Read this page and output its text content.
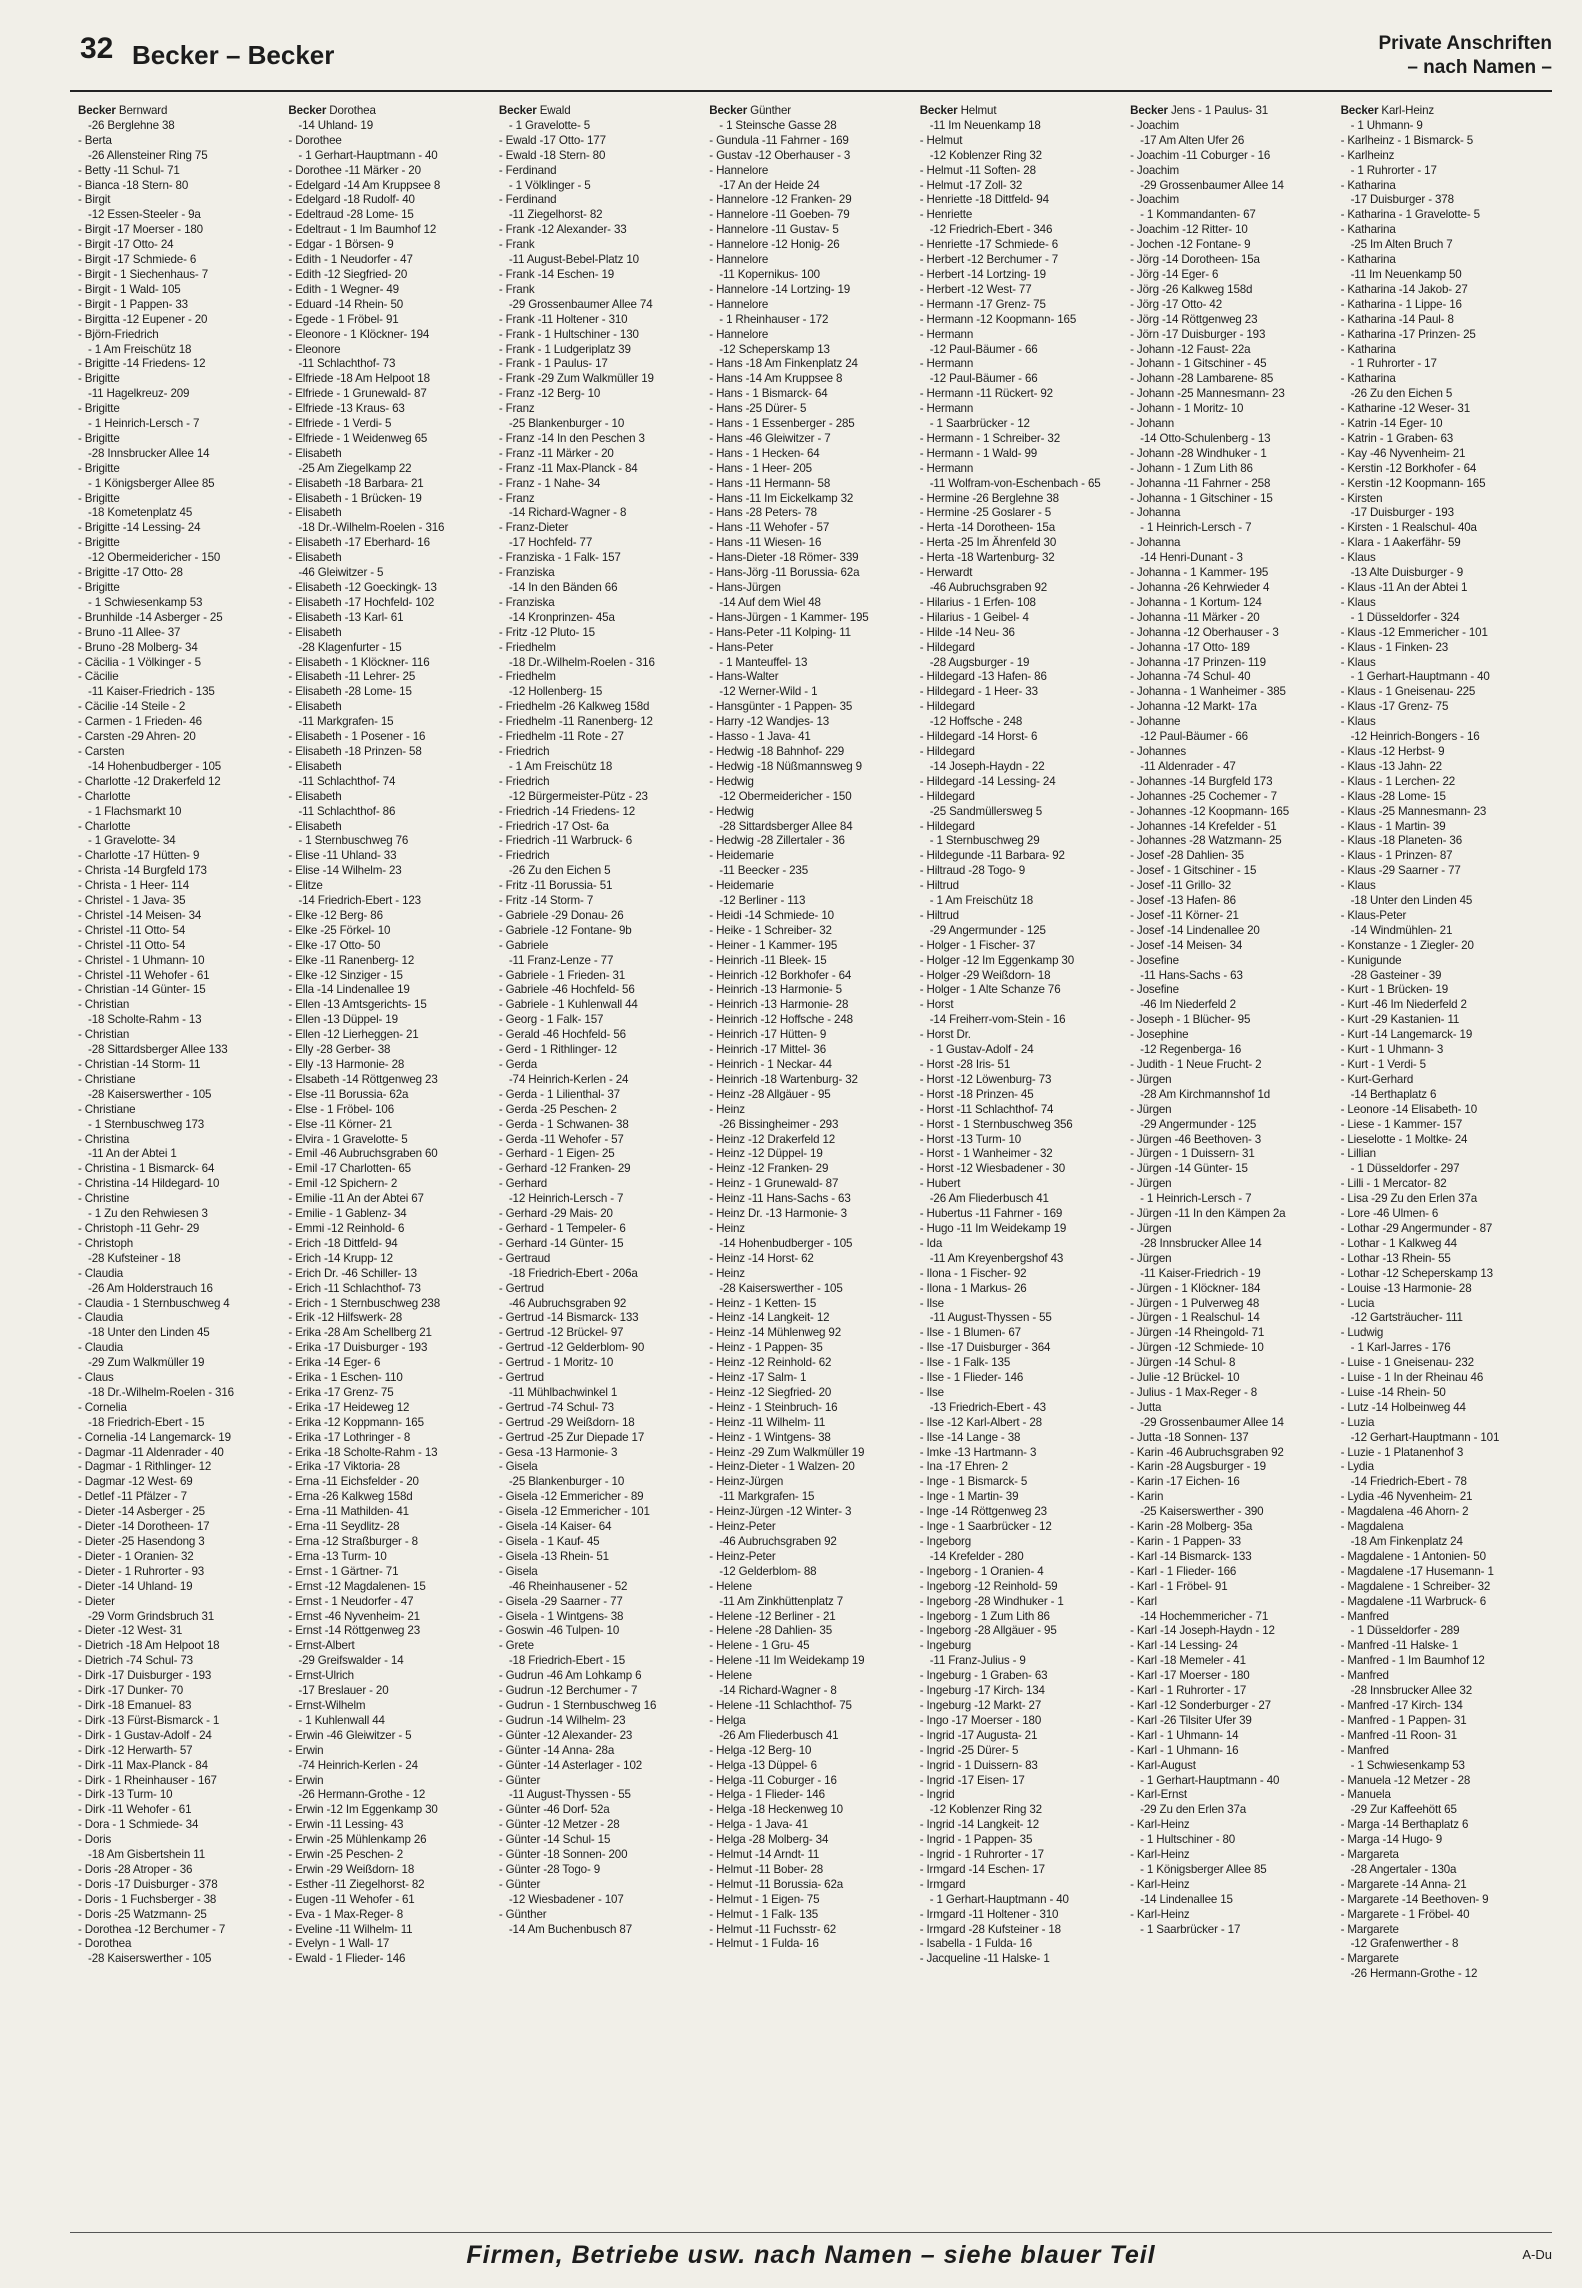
32 Becker – Becker	Private Anschriften
– nach Namen –
Becker Bernward
-26 Berglehne 38
- Berta
-26 Allensteiner Ring 75
- Betty -11 Schul- 71
- Bianca -18 Stern- 80
- Birgit
-12 Essen-Steeler - 9a
- Birgit -17 Moerser - 180
- Birgit -17 Otto- 24
- Birgit -17 Schmiede- 6
- Birgit - 1 Siechenhaus- 7
- Birgit - 1 Wald- 105
- Birgit - 1 Pappen- 33
- Birgitta -12 Eupener - 20
- Björn-Friedrich
- 1 Am Freischütz 18
- Brigitte -14 Friedens- 12
- Brigitte
-11 Hagelkreuz- 209
- Brigitte
- 1 Heinrich-Lersch - 7
- Brigitte
-28 Innsbrucker Allee 14
- Brigitte
- 1 Königsberger Allee 85
- Brigitte
-18 Kometenplatz 45
- Brigitte -14 Lessing- 24
- Brigitte
-12 Obermeidericher - 150
- Brigitte -17 Otto- 28
- Brigitte
- 1 Schwiesenkamp 53
- Brunhilde -14 Asberger - 25
- Bruno -11 Allee- 37
- Bruno -28 Molberg- 34
- Cäcilia - 1 Völkinger - 5
- Cäcilie
-11 Kaiser-Friedrich - 135
- Cäcilie -14 Steile - 2
- Carmen - 1 Frieden- 46
- Carsten -29 Ahren- 20
- Carsten
-14 Hohenbudberger - 105
- Charlotte -12 Drakerfeld 12
- Charlotte
- 1 Flachsmarkt 10
- Charlotte
- 1 Gravelotte- 34
- Charlotte -17 Hütten- 9
- Christa -14 Burgfeld 173
- Christa - 1 Heer- 114
- Christel - 1 Java- 35
- Christel -14 Meisen- 34
- Christel -11 Otto- 54
- Christel -11 Otto- 54
- Christel - 1 Uhmann- 10
- Christel -11 Wehofer - 61
- Christian -14 Günter- 15
- Christian
-18 Scholte-Rahm - 13
- Christian
-28 Sittardsberger Allee 133
- Christian -14 Storm- 11
- Christiane
-28 Kaiserswerther - 105
- Christiane
- 1 Sternbuschweg 173
- Christina
-11 An der Abtei 1
- Christina - 1 Bismarck- 64
- Christina -14 Hildegard- 10
- Christine
- 1 Zu den Rehwiesen 3
- Christoph -11 Gehr- 29
- Christoph
-28 Kufsteiner - 18
- Claudia
-26 Am Holderstrauch 16
- Claudia - 1 Sternbuschweg 4
- Claudia
-18 Unter den Linden 45
- Claudia
-29 Zum Walkmüller 19
- Claus
-18 Dr.-Wilhelm-Roelen - 316
- Cornelia
-18 Friedrich-Ebert - 15
- Cornelia -14 Langemarck- 19
- Dagmar -11 Aldenrader - 40
- Dagmar - 1 Rithlinger- 12
- Dagmar -12 West- 69
- Detlef -11 Pfälzer - 7
- Dieter -14 Asberger - 25
- Dieter -14 Dorotheen- 17
- Dieter -25 Hasendong 3
- Dieter - 1 Oranien- 32
- Dieter - 1 Ruhrorter - 93
- Dieter -14 Uhland- 19
- Dieter
-29 Vorm Grindsbruch 31
- Dieter -12 West- 31
- Dietrich -18 Am Helpoot 18
- Dietrich -74 Schul- 73
- Dirk -17 Duisburger - 193
- Dirk -17 Dunker- 70
- Dirk -18 Emanuel- 83
- Dirk -13 Fürst-Bismarck - 1
- Dirk - 1 Gustav-Adolf - 24
- Dirk -12 Herwarth- 57
- Dirk -11 Max-Planck - 84
- Dirk - 1 Rheinhauser - 167
- Dirk -13 Turm- 10
- Dirk -11 Wehofer - 61
- Dora - 1 Schmiede- 34
- Doris
-18 Am Gisbertshein 11
- Doris -28 Atroper - 36
- Doris -17 Duisburger - 378
- Doris - 1 Fuchsberger - 38
- Doris -25 Watzmann- 25
- Dorothea -12 Berchumer - 7
- Dorothea
-28 Kaiserswerther - 105
Becker Dorothea
-14 Uhland- 19
- Dorothee
- 1 Gerhart-Hauptmann - 40
- Dorothee -11 Märker - 20
- Edelgard -14 Am Kruppsee 8
- Edelgard -18 Rudolf- 40
- Edeltraud -28 Lome- 15
- Edeltraut - 1 Im Baumhof 12
- Edgar - 1 Börsen- 9
- Edith - 1 Neudorfer - 47
- Edith -12 Siegfried- 20
- Edith - 1 Wegner- 49
- Eduard -14 Rhein- 50
- Egede - 1 Fröbel- 91
- Eleonore - 1 Klöckner- 194
- Eleonore
-11 Schlachthof- 73
- Elfriede -18 Am Helpoot 18
- Elfriede - 1 Grunewald- 87
- Elfriede -13 Kraus- 63
- Elfriede - 1 Verdi- 5
- Elfriede - 1 Weidenweg 65
- Elisabeth
-25 Am Ziegelkamp 22
- Elisabeth -18 Barbara- 21
- Elisabeth - 1 Brücken- 19
- Elisabeth
-18 Dr.-Wilhelm-Roelen - 316
- Elisabeth -17 Eberhard- 16
- Elisabeth
-46 Gleiwitzer - 5
- Elisabeth -12 Goeckingk- 13
- Elisabeth -17 Hochfeld- 102
- Elisabeth -13 Karl- 61
- Elisabeth
-28 Klagenfurter - 15
- Elisabeth - 1 Klöckner- 116
- Elisabeth -11 Lehrer- 25
- Elisabeth -28 Lome- 15
- Elisabeth
-11 Markgrafen- 15
- Elisabeth - 1 Posener - 16
- Elisabeth -18 Prinzen- 58
- Elisabeth
-11 Schlachthof- 74
- Elisabeth
-11 Schlachthof- 86
- Elisabeth
- 1 Sternbuschweg 76
- Elise -11 Uhland- 33
- Elise -14 Wilhelm- 23
- Elitze
-14 Friedrich-Ebert - 123
- Elke -12 Berg- 86
- Elke -25 Förkel- 10
- Elke -17 Otto- 50
- Elke -11 Ranenberg- 12
- Elke -12 Sinziger - 15
- Ella -14 Lindenallee 19
- Ellen -13 Amtsgerichts- 15
- Ellen -13 Düppel- 19
- Ellen -12 Lierheggen- 21
- Elly -28 Gerber- 38
- Elly -13 Harmonie- 28
- Elsabeth -14 Röttgenweg 23
- Else -11 Borussia- 62a
- Else - 1 Fröbel- 106
- Else -11 Körner- 21
- Elvira - 1 Gravelotte- 5
- Emil -46 Aubruchsgraben 60
- Emil -17 Charlotten- 65
- Emil -12 Spichern- 2
- Emilie -11 An der Abtei 67
- Emilie - 1 Gablenz- 34
- Emmi -12 Reinhold- 6
- Erich -18 Dittfeld- 94
- Erich -14 Krupp- 12
- Erich Dr. -46 Schiller- 13
- Erich -11 Schlachthof- 73
- Erich - 1 Sternbuschweg 238
- Erik -12 Hilfswerk- 28
- Erika -28 Am Schellberg 21
- Erika -17 Duisburger - 193
- Erika -14 Eger- 6
- Erika - 1 Eschen- 110
- Erika -17 Grenz- 75
- Erika -17 Heideweg 12
- Erika -12 Koppmann- 165
- Erika -17 Lothringer - 8
- Erika -18 Scholte-Rahm - 13
- Erika -17 Viktoria- 28
- Erna -11 Eichsfelder - 20
- Erna -26 Kalkweg 158d
- Erna -11 Mathilden- 41
- Erna -11 Seydlitz- 28
- Erna -12 Straßburger - 8
- Erna -13 Turm- 10
- Ernst - 1 Gärtner- 71
- Ernst -12 Magdalenen- 15
- Ernst - 1 Neudorfer - 47
- Ernst -46 Nyvenheim- 21
- Ernst -14 Röttgenweg 23
- Ernst-Albert
-29 Greifswalder - 14
- Ernst-Ulrich
-17 Breslauer - 20
- Ernst-Wilhelm
- 1 Kuhlenwall 44
- Erwin -46 Gleiwitzer - 5
- Erwin
-74 Heinrich-Kerlen - 24
- Erwin
-26 Hermann-Grothe - 12
- Erwin -12 Im Eggenkamp 30
- Erwin -11 Lessing- 43
- Erwin -25 Mühlenkamp 26
- Erwin -25 Peschen- 2
- Erwin -29 Weißdorn- 18
- Esther -11 Ziegelhorst- 82
- Eugen -11 Wehofer - 61
- Eva - 1 Max-Reger- 8
- Eveline -11 Wilhelm- 11
- Evelyn - 1 Wall- 17
- Ewald - 1 Flieder- 146
Becker Ewald
- 1 Gravelotte- 5
- Ewald -17 Otto- 177
- Ewald -18 Stern- 80
- Ferdinand
- 1 Völklinger - 5
- Ferdinand
-11 Ziegelhorst- 82
- Frank -12 Alexander- 33
- Frank
-11 August-Bebel-Platz 10
- Frank -14 Eschen- 19
- Frank
-29 Grossenbaumer Allee 74
- Frank -11 Holtener - 310
- Frank - 1 Hultschiner - 130
- Frank - 1 Ludgeriplatz 39
- Frank - 1 Paulus- 17
- Frank -29 Zum Walkmüller 19
- Franz -12 Berg- 10
- Franz
-25 Blankenburger - 10
- Franz -14 In den Peschen 3
- Franz -11 Märker - 20
- Franz -11 Max-Planck - 84
- Franz - 1 Nahe- 34
- Franz
-14 Richard-Wagner - 8
- Franz-Dieter
-17 Hochfeld- 77
- Franziska - 1 Falk- 157
- Franziska
-14 In den Bänden 66
- Franziska
-14 Kronprinzen- 45a
- Fritz -12 Pluto- 15
- Friedhelm
-18 Dr.-Wilhelm-Roelen - 316
- Friedhelm
-12 Hollenberg- 15
- Friedhelm -26 Kalkweg 158d
- Friedhelm -11 Ranenberg- 12
- Friedhelm -11 Rote - 27
- Friedrich
- 1 Am Freischütz 18
- Friedrich
-12 Bürgermeister-Pütz - 23
- Friedrich -14 Friedens- 12
- Friedrich -17 Ost- 6a
- Friedrich -11 Warbruck- 6
- Friedrich
-26 Zu den Eichen 5
- Fritz -11 Borussia- 51
- Fritz -14 Storm- 7
- Gabriele -29 Donau- 26
- Gabriele -12 Fontane- 9b
- Gabriele
-11 Franz-Lenze - 77
- Gabriele - 1 Frieden- 31
- Gabriele -46 Hochfeld- 56
- Gabriele - 1 Kuhlenwall 44
- Georg - 1 Falk- 157
- Gerald -46 Hochfeld- 56
- Gerd - 1 Rithlinger- 12
- Gerda
-74 Heinrich-Kerlen - 24
- Gerda - 1 Lilienthal- 37
- Gerda -25 Peschen- 2
- Gerda - 1 Schwanen- 38
- Gerda -11 Wehofer - 57
- Gerhard - 1 Eigen- 25
- Gerhard -12 Franken- 29
- Gerhard
-12 Heinrich-Lersch - 7
- Gerhard -29 Mais- 20
- Gerhard - 1 Tempeler- 6
- Gerhard -14 Günter- 15
- Gertraud
-18 Friedrich-Ebert - 206a
- Gertrud
-46 Aubruchsgraben 92
- Gertrud -14 Bismarck- 133
- Gertrud -12 Brückel- 97
- Gertrud -12 Gelderblom- 90
- Gertrud - 1 Moritz- 10
- Gertrud
-11 Mühlbachwinkel 1
- Gertrud -74 Schul- 73
- Gertrud -29 Weißdorn- 18
- Gertrud -25 Zur Diepade 17
- Gesa -13 Harmonie- 3
- Gisela
-25 Blankenburger - 10
- Gisela -12 Emmericher - 89
- Gisela -12 Emmericher - 101
- Gisela -14 Kaiser- 64
- Gisela - 1 Kauf- 45
- Gisela -13 Rhein- 51
- Gisela
-46 Rheinhausener - 52
- Gisela -29 Saarner - 77
- Gisela - 1 Wintgens- 38
- Goswin -46 Tulpen- 10
- Grete
-18 Friedrich-Ebert - 15
- Gudrun -46 Am Lohkamp 6
- Gudrun -12 Berchumer - 7
- Gudrun - 1 Sternbuschweg 16
- Gudrun -14 Wilhelm- 23
- Günter -12 Alexander- 23
- Günter -14 Anna- 28a
- Günter -14 Asterlager - 102
- Günter
-11 August-Thyssen - 55
- Günter -46 Dorf- 52a
- Günter -12 Metzer - 28
- Günter -14 Schul- 15
- Günter -18 Sonnen- 200
- Günter -28 Togo- 9
- Günter
-12 Wiesbadener - 107
- Günther
-14 Am Buchenbusch 87
Becker Günther
- 1 Steinsche Gasse 28
- Gundula -11 Fahrner - 169
- Gustav -12 Oberhauser - 3
- Hannelore
-17 An der Heide 24
- Hannelore -12 Franken- 29
- Hannelore -11 Goeben- 79
- Hannelore -11 Gustav- 5
- Hannelore -12 Honig- 26
- Hannelore
-11 Kopernikus- 100
- Hannelore -14 Lortzing- 19
- Hannelore
- 1 Rheinhauser - 172
- Hannelore
-12 Scheperskamp 13
- Hans -18 Am Finkenplatz 24
- Hans -14 Am Kruppsee 8
- Hans - 1 Bismarck- 64
- Hans -25 Dürer- 5
- Hans - 1 Essenberger - 285
- Hans -46 Gleiwitzer - 7
- Hans - 1 Hecken- 64
- Hans - 1 Heer- 205
- Hans -11 Hermann- 58
- Hans -11 Im Eickelkamp 32
- Hans -28 Peters- 78
- Hans -11 Wehofer - 57
- Hans -11 Wiesen- 16
- Hans-Dieter -18 Römer- 339
- Hans-Jörg -11 Borussia- 62a
- Hans-Jürgen
-14 Auf dem Wiel 48
- Hans-Jürgen - 1 Kammer- 195
- Hans-Peter -11 Kolping- 11
- Hans-Peter
- 1 Manteuffel- 13
- Hans-Walter
-12 Werner-Wild - 1
- Hansgünter - 1 Pappen- 35
- Harry -12 Wandjes- 13
- Hasso - 1 Java- 41
- Hedwig -18 Bahnhof- 229
- Hedwig -18 Nüßmannsweg 9
- Hedwig
-12 Obermeidericher - 150
- Hedwig
-28 Sittardsberger Allee 84
- Hedwig -28 Zillertaler - 36
- Heidemarie
-11 Beecker - 235
- Heidemarie
-12 Berliner - 113
- Heidi -14 Schmiede- 10
- Heike - 1 Schreiber- 32
- Heiner - 1 Kammer- 195
- Heinrich -11 Bleek- 15
- Heinrich -12 Borkhofer - 64
- Heinrich -13 Harmonie- 5
- Heinrich -13 Harmonie- 28
- Heinrich -12 Hoffsche - 248
- Heinrich -17 Hütten- 9
- Heinrich -17 Mittel- 36
- Heinrich - 1 Neckar- 44
- Heinrich -18 Wartenburg- 32
- Heinz -28 Allgäuer - 95
- Heinz
-26 Bissingheimer - 293
- Heinz -12 Drakerfeld 12
- Heinz -12 Düppel- 19
- Heinz -12 Franken- 29
- Heinz - 1 Grunewald- 87
- Heinz -11 Hans-Sachs - 63
- Heinz Dr. -13 Harmonie- 3
- Heinz
-14 Hohenbudberger - 105
- Heinz -14 Horst- 62
- Heinz
-28 Kaiserswerther - 105
- Heinz - 1 Ketten- 15
- Heinz -14 Langkeit- 12
- Heinz -14 Mühlenweg 92
- Heinz - 1 Pappen- 35
- Heinz -12 Reinhold- 62
- Heinz -17 Salm- 1
- Heinz -12 Siegfried- 20
- Heinz - 1 Steinbruch- 16
- Heinz -11 Wilhelm- 11
- Heinz - 1 Wintgens- 38
- Heinz -29 Zum Walkmüller 19
- Heinz-Dieter - 1 Walzen- 20
- Heinz-Jürgen
-11 Markgrafen- 15
- Heinz-Jürgen -12 Winter- 3
- Heinz-Peter
-46 Aubruchsgraben 92
- Heinz-Peter
-12 Gelderblom- 88
- Helene
-11 Am Zinkhüttenplatz 7
- Helene -12 Berliner - 21
- Helene -28 Dahlien- 35
- Helene - 1 Gru- 45
- Helene -11 Im Weidekamp 19
- Helene
-14 Richard-Wagner - 8
- Helene -11 Schlachthof- 75
- Helga
-26 Am Fliederbusch 41
- Helga -12 Berg- 10
- Helga -13 Düppel- 6
- Helga -11 Coburger - 16
- Helga - 1 Flieder- 146
- Helga -18 Heckenweg 10
- Helga - 1 Java- 41
- Helga -28 Molberg- 34
- Helmut -14 Arndt- 11
- Helmut -11 Bober- 28
- Helmut -11 Borussia- 62a
- Helmut - 1 Eigen- 75
- Helmut - 1 Falk- 135
- Helmut -11 Fuchsstr- 62
- Helmut - 1 Fulda- 16
Becker Helmut
-11 Im Neuenkamp 18
- Helmut
-12 Koblenzer Ring 32
- Helmut -11 Soften- 28
- Helmut -17 Zoll- 32
- Henriette -18 Dittfeld- 94
- Henriette
-12 Friedrich-Ebert - 346
- Henriette -17 Schmiede- 6
- Herbert -12 Berchumer - 7
- Herbert -14 Lortzing- 19
- Herbert -12 West- 77
- Hermann -17 Grenz- 75
- Hermann -12 Koopmann- 165
- Hermann
-12 Paul-Bäumer - 66
- Hermann
-12 Paul-Bäumer - 66
- Hermann -11 Rückert- 92
- Hermann
- 1 Saarbrücker - 12
- Hermann - 1 Schreiber- 32
- Hermann - 1 Wald- 99
- Hermann
-11 Wolfram-von-Eschenbach - 65
- Hermine -26 Berglehne 38
- Hermine -25 Goslarer - 5
- Herta -14 Dorotheen- 15a
- Herta -25 Im Ährenfeld 30
- Herta -18 Wartenburg- 32
- Herwardt
-46 Aubruchsgraben 92
- Hilarius - 1 Erfen- 108
- Hilarius - 1 Geibel- 4
- Hilde -14 Neu- 36
- Hildegard
-28 Augsburger - 19
- Hildegard -13 Hafen- 86
- Hildegard - 1 Heer- 33
- Hildegard
-12 Hoffsche - 248
- Hildegard -14 Horst- 6
- Hildegard
-14 Joseph-Haydn - 22
- Hildegard -14 Lessing- 24
- Hildegard
-25 Sandmüllersweg 5
- Hildegard
- 1 Sternbuschweg 29
- Hildegunde -11 Barbara- 92
- Hiltraud -28 Togo- 9
- Hiltrud
- 1 Am Freischütz 18
- Hiltrud
-29 Angermunder - 125
- Holger - 1 Fischer- 37
- Holger -12 Im Eggenkamp 30
- Holger -29 Weißdorn- 18
- Holger - 1 Alte Schanze 76
- Horst
-14 Freiherr-vom-Stein - 16
- Horst Dr.
- 1 Gustav-Adolf - 24
- Horst -28 Iris- 51
- Horst -12 Löwenburg- 73
- Horst -18 Prinzen- 45
- Horst -11 Schlachthof- 74
- Horst - 1 Sternbuschweg 356
- Horst -13 Turm- 10
- Horst - 1 Wanheimer - 32
- Horst -12 Wiesbadener - 30
- Hubert
-26 Am Fliederbusch 41
- Hubertus -11 Fahrner - 169
- Hugo -11 Im Weidekamp 19
- Ida
-11 Am Kreyenbergshof 43
- Ilona - 1 Fischer- 92
- Ilona - 1 Markus- 26
- Ilse
-11 August-Thyssen - 55
- Ilse - 1 Blumen- 67
- Ilse -17 Duisburger - 364
- Ilse - 1 Falk- 135
- Ilse - 1 Flieder- 146
- Ilse
-13 Friedrich-Ebert - 43
- Ilse -12 Karl-Albert - 28
- Ilse -14 Lange - 38
- Imke -13 Hartmann- 3
- Ina -17 Ehren- 2
- Inge - 1 Bismarck- 5
- Inge - 1 Martin- 39
- Inge -14 Röttgenweg 23
- Inge - 1 Saarbrücker - 12
- Ingeborg
-14 Krefelder - 280
- Ingeborg - 1 Oranien- 4
- Ingeborg -12 Reinhold- 59
- Ingeborg -28 Windhuker - 1
- Ingeborg - 1 Zum Lith 86
- Ingeborg -28 Allgäuer - 95
- Ingeburg
-11 Franz-Julius - 9
- Ingeburg - 1 Graben- 63
- Ingeburg -17 Kirch- 134
- Ingeburg -12 Markt- 27
- Ingo -17 Moerser - 180
- Ingrid -17 Augusta- 21
- Ingrid -25 Dürer- 5
- Ingrid - 1 Duissern- 83
- Ingrid -17 Eisen- 17
- Ingrid
-12 Koblenzer Ring 32
- Ingrid -14 Langkeit- 12
- Ingrid - 1 Pappen- 35
- Ingrid - 1 Ruhrorter - 17
- Irmgard -14 Eschen- 17
- Irmgard
- 1 Gerhart-Hauptmann - 40
- Irmgard -11 Holtener - 310
- Irmgard -28 Kufsteiner - 18
- Isabella - 1 Fulda- 16
- Jacqueline -11 Halske- 1
Becker Jens - 1 Paulus- 31
- Joachim
-17 Am Alten Ufer 26
- Joachim -11 Coburger - 16
- Joachim
-29 Grossenbaumer Allee 14
- Joachim
- 1 Kommandanten- 67
- Joachim -12 Ritter- 10
- Jochen -12 Fontane- 9
- Jörg -14 Dorotheen- 15a
- Jörg -14 Eger- 6
- Jörg -26 Kalkweg 158d
- Jörg -17 Otto- 42
- Jörg -14 Röttgenweg 23
- Jörn -17 Duisburger - 193
- Johann -12 Faust- 22a
- Johann - 1 Gitschiner - 45
- Johann -28 Lambarene- 85
- Johann -25 Mannesmann- 23
- Johann - 1 Moritz- 10
- Johann
-14 Otto-Schulenberg - 13
- Johann -28 Windhuker - 1
- Johann - 1 Zum Lith 86
- Johanna -11 Fahrner - 258
- Johanna - 1 Gitschiner - 15
- Johanna
- 1 Heinrich-Lersch - 7
- Johanna
-14 Henri-Dunant - 3
- Johanna - 1 Kammer- 195
- Johanna -26 Kehrwieder 4
- Johanna - 1 Kortum- 124
- Johanna -11 Märker - 20
- Johanna -12 Oberhauser - 3
- Johanna -17 Otto- 189
- Johanna -17 Prinzen- 119
- Johanna -74 Schul- 40
- Johanna - 1 Wanheimer - 385
- Johanna -12 Markt- 17a
- Johanne
-12 Paul-Bäumer - 66
- Johannes
-11 Aldenrader - 47
- Johannes -14 Burgfeld 173
- Johannes -25 Cochemer - 7
- Johannes -12 Koopmann- 165
- Johannes -14 Krefelder - 51
- Johannes -28 Watzmann- 25
- Josef -28 Dahlien- 35
- Josef - 1 Gitschiner - 15
- Josef -11 Grillo- 32
- Josef -13 Hafen- 86
- Josef -11 Körner- 21
- Josef -14 Lindenallee 20
- Josef -14 Meisen- 34
- Josefine
-11 Hans-Sachs - 63
- Josefine
-46 Im Niederfeld 2
- Joseph - 1 Blücher- 95
- Josephine
-12 Regenberga- 16
- Judith - 1 Neue Frucht- 2
- Jürgen
-28 Am Kirchmannshof 1d
- Jürgen
-29 Angermunder - 125
- Jürgen -46 Beethoven- 3
- Jürgen - 1 Duissern- 31
- Jürgen -14 Günter- 15
- Jürgen
- 1 Heinrich-Lersch - 7
- Jürgen -11 In den Kämpen 2a
- Jürgen
-28 Innsbrucker Allee 14
- Jürgen
-11 Kaiser-Friedrich - 19
- Jürgen - 1 Klöckner- 184
- Jürgen - 1 Pulverweg 48
- Jürgen - 1 Realschul- 14
- Jürgen -14 Rheingold- 71
- Jürgen -12 Schmiede- 10
- Jürgen -14 Schul- 8
- Julie -12 Brückel- 10
- Julius - 1 Max-Reger - 8
- Jutta
-29 Grossenbaumer Allee 14
- Jutta -18 Sonnen- 137
- Karin -46 Aubruchsgraben 92
- Karin -28 Augsburger - 19
- Karin -17 Eichen- 16
- Karin
-25 Kaiserswerther - 390
- Karin -28 Molberg- 35a
- Karin - 1 Pappen- 33
- Karl -14 Bismarck- 133
- Karl - 1 Flieder- 166
- Karl - 1 Fröbel- 91
- Karl
-14 Hochemmericher - 71
- Karl -14 Joseph-Haydn - 12
- Karl -14 Lessing- 24
- Karl -18 Memeler - 41
- Karl -17 Moerser - 180
- Karl - 1 Ruhrorter - 17
- Karl -12 Sonderburger - 27
- Karl -26 Tilsiter Ufer 39
- Karl - 1 Uhmann- 14
- Karl - 1 Uhmann- 16
- Karl-August
- 1 Gerhart-Hauptmann - 40
- Karl-Ernst
-29 Zu den Erlen 37a
- Karl-Heinz
- 1 Hultschiner - 80
- Karl-Heinz
- 1 Königsberger Allee 85
- Karl-Heinz
-14 Lindenallee 15
- Karl-Heinz
- 1 Saarbrücker - 17
Becker Karl-Heinz
- 1 Uhmann- 9
- Karlheinz - 1 Bismarck- 5
- Karlheinz
- 1 Ruhrorter - 17
- Katharina
-17 Duisburger - 378
- Katharina - 1 Gravelotte- 5
- Katharina
-25 Im Alten Bruch 7
- Katharina
-11 Im Neuenkamp 50
- Katharina -14 Jakob- 27
- Katharina - 1 Lippe- 16
- Katharina -14 Paul- 8
- Katharina -17 Prinzen- 25
- Katharina
- 1 Ruhrorter - 17
- Katharina
-26 Zu den Eichen 5
- Katharine -12 Weser- 31
- Katrin -14 Eger- 10
- Katrin - 1 Graben- 63
- Kay -46 Nyvenheim- 21
- Kerstin -12 Borkhofer - 64
- Kerstin -12 Koopmann- 165
- Kirsten
-17 Duisburger - 193
- Kirsten - 1 Realschul- 40a
- Klara - 1 Aakerfähr- 59
- Klaus
-13 Alte Duisburger - 9
- Klaus -11 An der Abtei 1
- Klaus
- 1 Düsseldorfer - 324
- Klaus -12 Emmericher - 101
- Klaus - 1 Finken- 23
- Klaus
- 1 Gerhart-Hauptmann - 40
- Klaus - 1 Gneisenau- 225
- Klaus -17 Grenz- 75
- Klaus
-12 Heinrich-Bongers - 16
- Klaus -12 Herbst- 9
- Klaus -13 Jahn- 22
- Klaus - 1 Lerchen- 22
- Klaus -28 Lome- 15
- Klaus -25 Mannesmann- 23
- Klaus - 1 Martin- 39
- Klaus -18 Planeten- 36
- Klaus - 1 Prinzen- 87
- Klaus -29 Saarner - 77
- Klaus
-18 Unter den Linden 45
- Klaus-Peter
-14 Windmühlen- 21
- Konstanze - 1 Ziegler- 20
- Kunigunde
-28 Gasteiner - 39
- Kurt - 1 Brücken- 19
- Kurt -46 Im Niederfeld 2
- Kurt -29 Kastanien- 11
- Kurt -14 Langemarck- 19
- Kurt - 1 Uhmann- 3
- Kurt - 1 Verdi- 5
- Kurt-Gerhard
-14 Berthaplatz 6
- Leonore -14 Elisabeth- 10
- Liese - 1 Kammer- 157
- Lieselotte - 1 Moltke- 24
- Lillian
- 1 Düsseldorfer - 297
- Lilli - 1 Mercator- 82
- Lisa -29 Zu den Erlen 37a
- Lore -46 Ulmen- 6
- Lothar -29 Angermunder - 87
- Lothar - 1 Kalkweg 44
- Lothar -13 Rhein- 55
- Lothar -12 Scheperskamp 13
- Louise -13 Harmonie- 28
- Lucia
-12 Gartsträucher- 111
- Ludwig
- 1 Karl-Jarres - 176
- Luise - 1 Gneisenau- 232
- Luise - 1 In der Rheinau 46
- Luise -14 Rhein- 50
- Lutz -14 Holbeinweg 44
- Luzia
-12 Gerhart-Hauptmann - 101
- Luzie - 1 Platanenhof 3
- Lydia
-14 Friedrich-Ebert - 78
- Lydia -46 Nyvenheim- 21
- Magdalena -46 Ahorn- 2
- Magdalena
-18 Am Finkenplatz 24
- Magdalene - 1 Antonien- 50
- Magdalene -17 Husemann- 1
- Magdalene - 1 Schreiber- 32
- Magdalene -11 Warbruck- 6
- Manfred
- 1 Düsseldorfer - 289
- Manfred -11 Halske- 1
- Manfred - 1 Im Baumhof 12
- Manfred
-28 Innsbrucker Allee 32
- Manfred -17 Kirch- 134
- Manfred - 1 Pappen- 31
- Manfred -11 Roon- 31
- Manfred
- 1 Schwiesenkamp 53
- Manuela -12 Metzer - 28
- Manuela
-29 Zur Kaffeehött 65
- Marga -14 Berthaplatz 6
- Marga -14 Hugo- 9
- Margareta
-28 Angertaler - 130a
- Margarete -14 Anna- 21
- Margarete -14 Beethoven- 9
- Margarete - 1 Fröbel- 40
- Margarete
-12 Grafenwerther - 8
- Margarete
-26 Hermann-Grothe - 12
Firmen, Betriebe usw. nach Namen – siehe blauer Teil	A-Du
